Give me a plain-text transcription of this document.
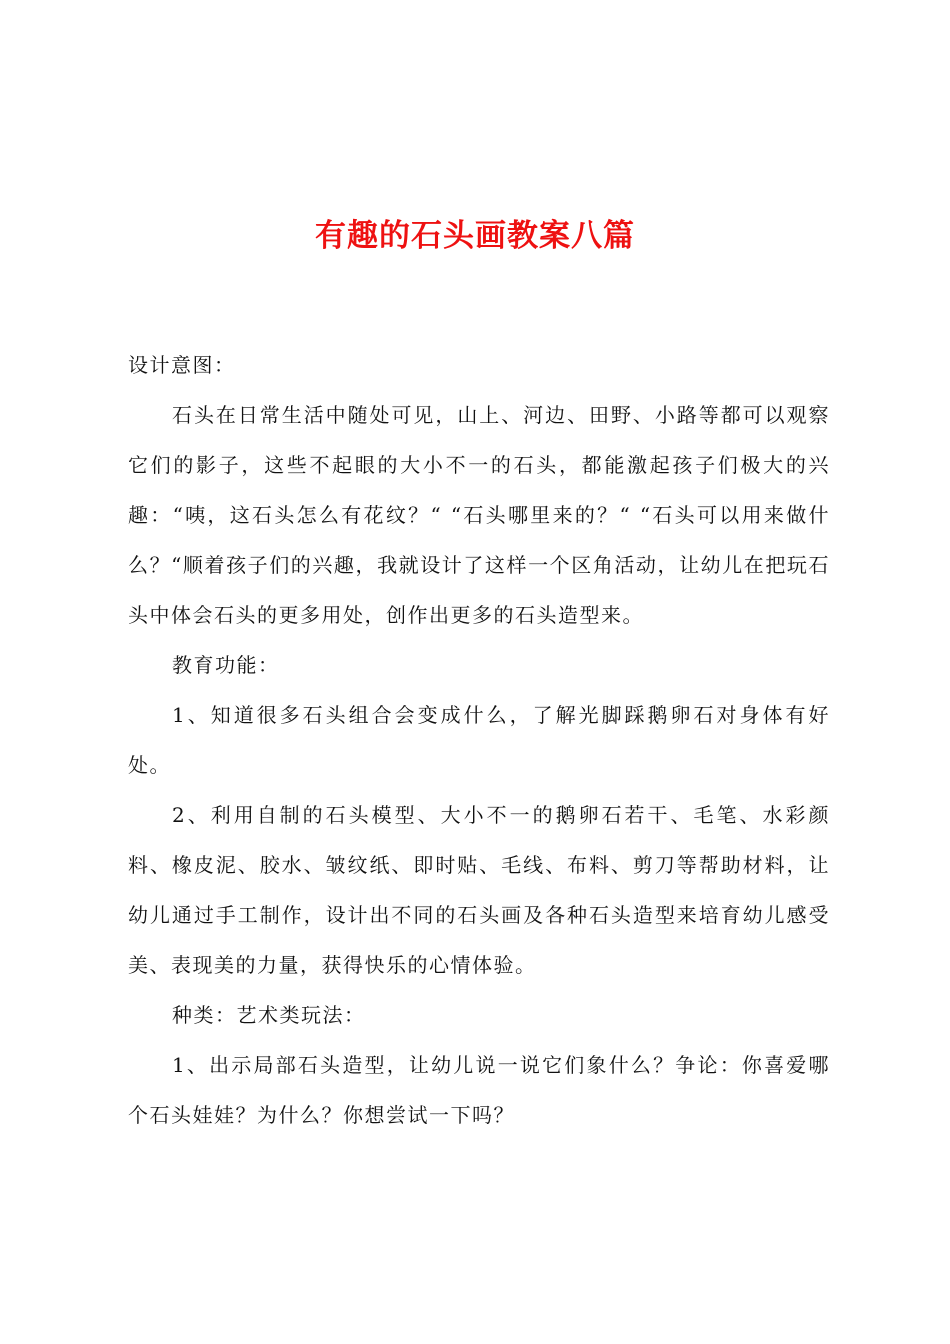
有趣的石头画教案八篇

设计意图：

石头在日常生活中随处可见，山上、河边、田野、小路等都可以观察它们的影子，这些不起眼的大小不一的石头，都能激起孩子们极大的兴趣：“咦，这石头怎么有花纹？“ “石头哪里来的？“ “石头可以用来做什么？“顺着孩子们的兴趣，我就设计了这样一个区角活动，让幼儿在把玩石头中体会石头的更多用处，创作出更多的石头造型来。

教育功能：

1、知道很多石头组合会变成什么，了解光脚踩鹅卵石对身体有好处。

2、利用自制的石头模型、大小不一的鹅卵石若干、毛笔、水彩颜料、橡皮泥、胶水、皱纹纸、即时贴、毛线、布料、剪刀等帮助材料，让幼儿通过手工制作，设计出不同的石头画及各种石头造型来培育幼儿感受美、表现美的力量，获得快乐的心情体验。

种类：艺术类玩法：

1、出示局部石头造型，让幼儿说一说它们象什么？争论：你喜爱哪个石头娃娃？为什么？你想尝试一下吗？
